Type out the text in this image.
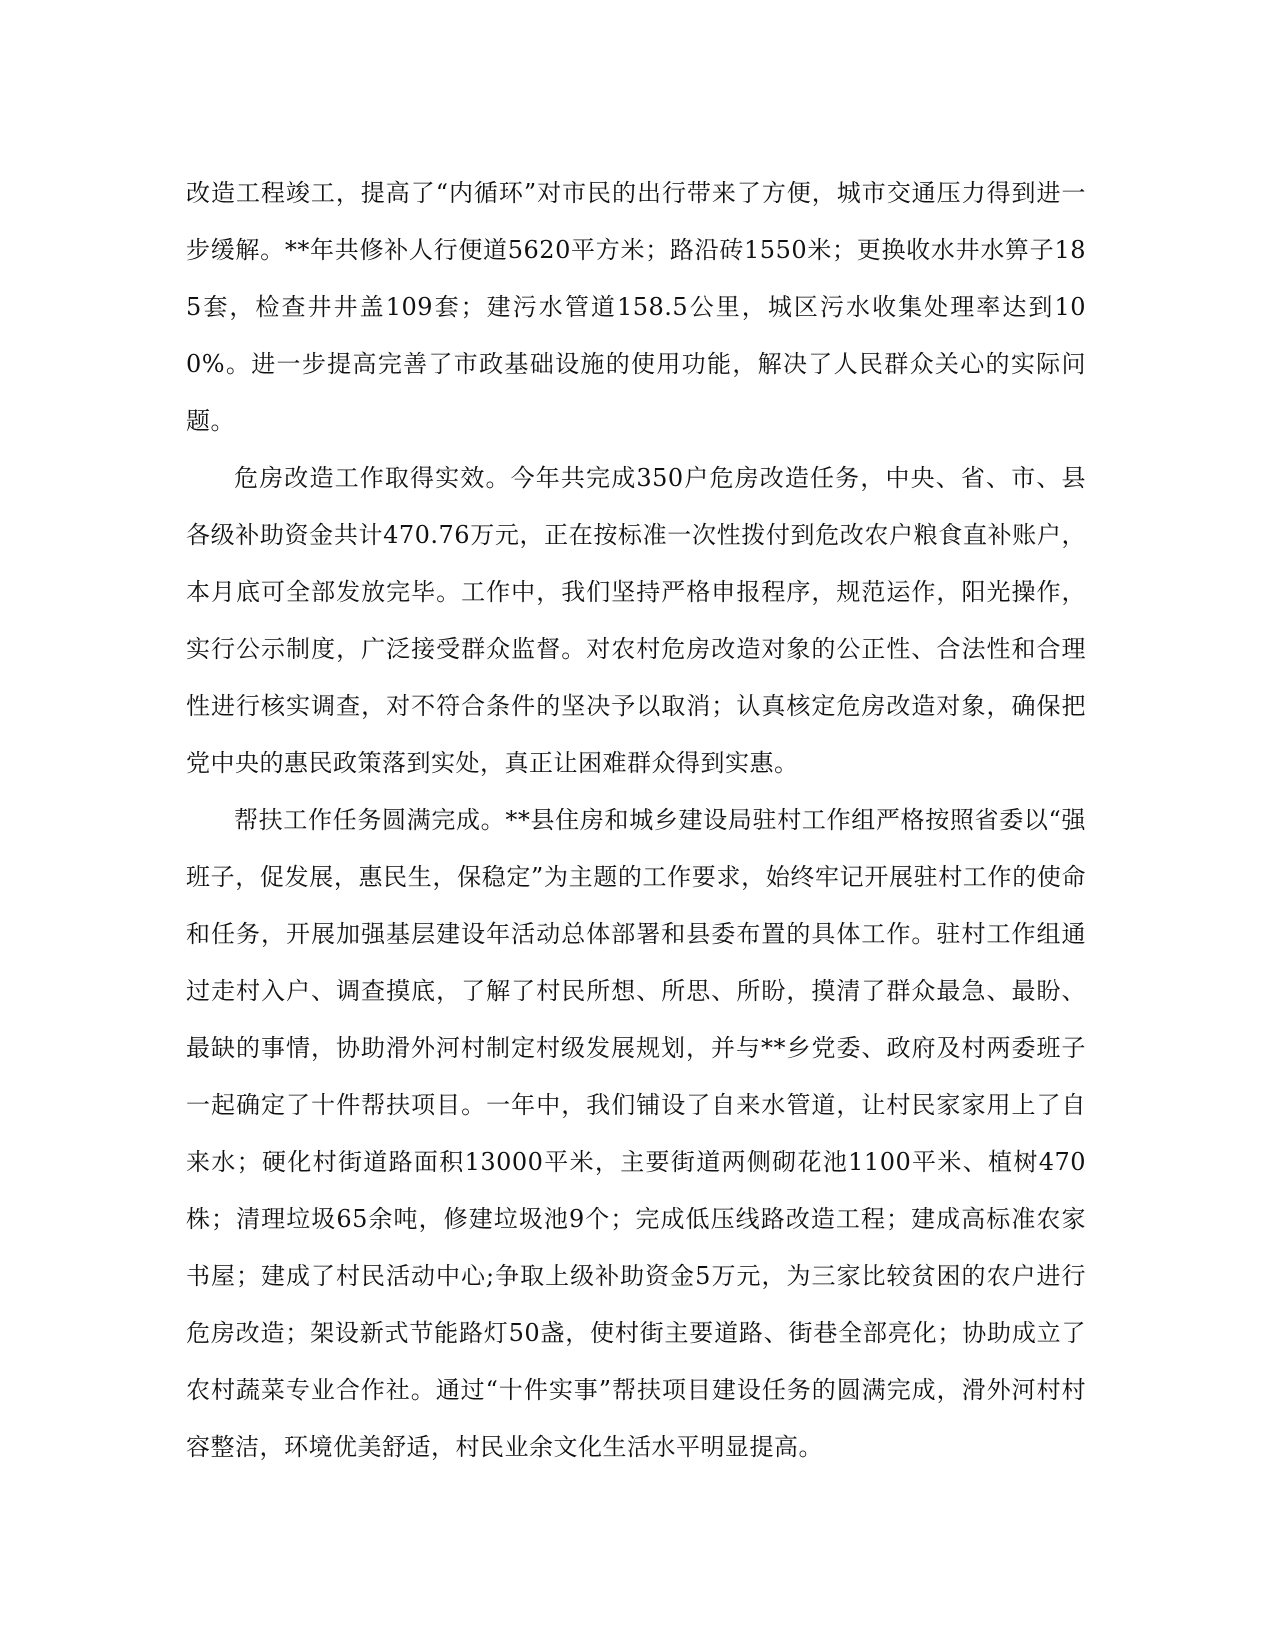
改造工程竣工，提高了“内循环”对市民的出行带来了方便，城市交通压力得到进一步缓解。**年共修补人行便道5620平方米；路沿砖1550米；更换收水井水箅子185套，检查井井盖109套；建污水管道158.5公里，城区污水收集处理率达到100%。进一步提高完善了市政基础设施的使用功能，解决了人民群众关心的实际问题。

危房改造工作取得实效。今年共完成350户危房改造任务，中央、省、市、县各级补助资金共计470.76万元，正在按标准一次性拨付到危改农户粮食直补账户，本月底可全部发放完毕。工作中，我们坚持严格申报程序，规范运作，阳光操作，实行公示制度，广泛接受群众监督。对农村危房改造对象的公正性、合法性和合理性进行核实调查，对不符合条件的坚决予以取消；认真核定危房改造对象，确保把党中央的惠民政策落到实处，真正让困难群众得到实惠。

帮扶工作任务圆满完成。**县住房和城乡建设局驻村工作组严格按照省委以“强班子，促发展，惠民生，保稳定”为主题的工作要求，始终牢记开展驻村工作的使命和任务，开展加强基层建设年活动总体部署和县委布置的具体工作。驻村工作组通过走村入户、调查摸底，了解了村民所想、所思、所盼，摸清了群众最急、最盼、最缺的事情，协助滑外河村制定村级发展规划，并与**乡党委、政府及村两委班子一起确定了十件帮扶项目。一年中，我们铺设了自来水管道，让村民家家用上了自来水；硬化村街道路面积13000平米，主要街道两侧砌花池1100平米、植树470株；清理垃圾65余吨，修建垃圾池9个；完成低压线路改造工程；建成高标准农家书屋；建成了村民活动中心;争取上级补助资金5万元，为三家比较贫困的农户进行危房改造；架设新式节能路灯50盏，使村街主要道路、街巷全部亮化；协助成立了农村蔬菜专业合作社。通过“十件实事”帮扶项目建设任务的圆满完成，滑外河村村容整洁，环境优美舒适，村民业余文化生活水平明显提高。
